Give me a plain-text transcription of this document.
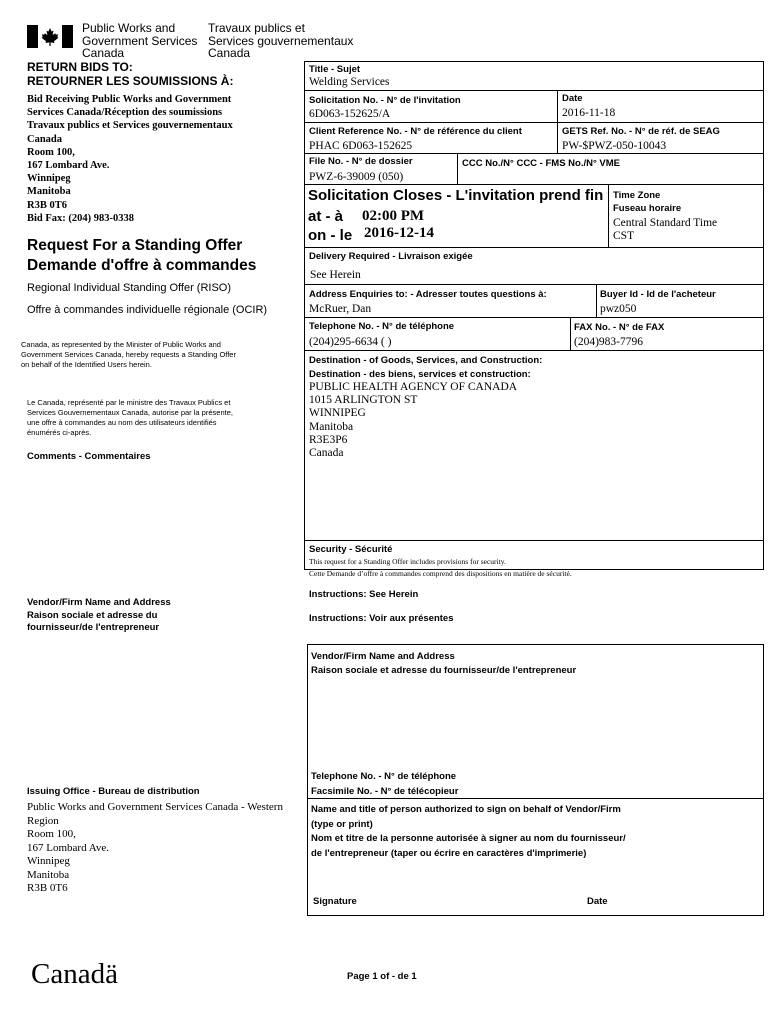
Public Works and
Government Services
Canada
Travaux publics et
Services gouvernementaux
Canada
RETURN BIDS TO:
RETOURNER LES SOUMISSIONS À:
Bid Receiving Public Works and Government
Services Canada/Réception des soumissions
Travaux publics et Services gouvernementaux
Canada
Room 100,
167 Lombard Ave.
Winnipeg
Manitoba
R3B 0T6
Bid Fax: (204) 983-0338
Request For a Standing Offer
Demande d'offre à commandes
Regional Individual Standing Offer (RISO)
Offre à commandes individuelle régionale (OCIR)
Canada, as represented by the Minister of Public Works and
Government Services Canada, hereby requests a Standing Offer
on behalf of the Identified Users herein.
Le Canada, représenté par le ministre des Travaux Publics et
Services Gouvernementaux Canada, autorise par la présente,
une offre à commandes au nom des utilisateurs identifiés
énumérés ci-après.
Comments - Commentaires
Vendor/Firm Name and Address
Raison sociale et adresse du
fournisseur/de l'entrepreneur
Issuing Office - Bureau de distribution
Public Works and Government Services Canada - Western
Region
Room 100,
167 Lombard Ave.
Winnipeg
Manitoba
R3B 0T6
Title - Sujet
Welding Services
Solicitation No. - N° de l'invitation
6D063-152625/A
Date
2016-11-18
Client Reference No. - N° de référence du client
PHAC 6D063-152625
GETS Ref. No. - N° de réf. de SEAG
PW-$PWZ-050-10043
File No. - N° de dossier
PWZ-6-39009 (050)
CCC No./N° CCC - FMS No./N° VME
Solicitation Closes - L'invitation prend fin
at - à 02:00 PM
on - le 2016-12-14
Time Zone
Fuseau horaire
Central Standard Time
CST
Delivery Required - Livraison exigée
See Herein
Address Enquiries to: - Adresser toutes questions à:
McRuer, Dan
Buyer Id - Id de l'acheteur
pwz050
Telephone No. - N° de téléphone
(204)295-6634 ( )
FAX No. - N° de FAX
(204)983-7796
Destination - of Goods, Services, and Construction:
Destination - des biens, services et construction:
PUBLIC HEALTH AGENCY OF CANADA
1015 ARLINGTON ST
WINNIPEG
Manitoba
R3E3P6
Canada
Security - Sécurité
This request for a Standing Offer includes provisions for security.
Cette Demande d’offre à commandes comprend des dispositions en matière de sécurité.
Instructions: See Herein
Instructions: Voir aux présentes
Vendor/Firm Name and Address
Raison sociale et adresse du fournisseur/de l'entrepreneur
Telephone No. - N° de téléphone
Facsimile No. - N° de télécopieur
Name and title of person authorized to sign on behalf of Vendor/Firm
(type or print)
Nom et titre de la personne autorisée à signer au nom du fournisseur/
de l'entrepreneur (taper ou écrire en caractères d'imprimerie)
Signature	Date
Canadä	Page 1 of - de 1
